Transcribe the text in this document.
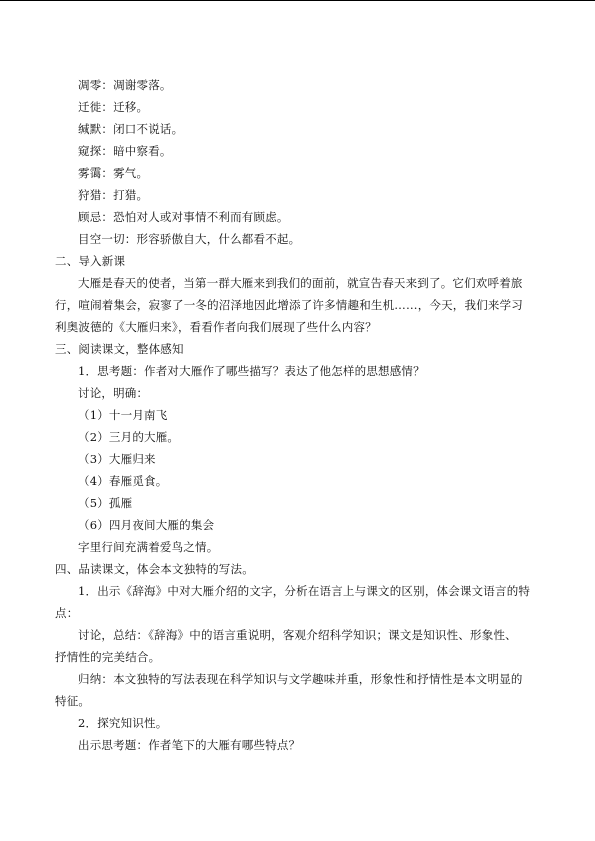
凋零：凋谢零落。
迁徙：迁移。
缄默：闭口不说话。
窥探：暗中察看。
雾霭：雾气。
狩猎：打猎。
顾忌：恐怕对人或对事情不利而有顾虑。
目空一切：形容骄傲自大，什么都看不起。
二、导入新课
大雁是春天的使者，当第一群大雁来到我们的面前，就宣告春天来到了。它们欢呼着旅
行，喧闹着集会，寂寥了一冬的沼泽地因此增添了许多情趣和生机……，今天，我们来学习
利奥波德的《大雁归来》，看看作者向我们展现了些什么内容？
三、阅读课文，整体感知
1．思考题：作者对大雁作了哪些描写？表达了他怎样的思想感情？
讨论，明确：
（1）十一月南飞
（2）三月的大雁。
（3）大雁归来
（4）春雁觅食。
（5）孤雁
（6）四月夜间大雁的集会
字里行间充满着爱鸟之情。
四、品读课文，体会本文独特的写法。
1．出示《辞海》中对大雁介绍的文字，分析在语言上与课文的区别，体会课文语言的特
点：
讨论，总结：《辞海》中的语言重说明，客观介绍科学知识；课文是知识性、形象性、
抒情性的完美结合。
归纳：本文独特的写法表现在科学知识与文学趣味并重，形象性和抒情性是本文明显的
特征。
2．探究知识性。
出示思考题：作者笔下的大雁有哪些特点？
